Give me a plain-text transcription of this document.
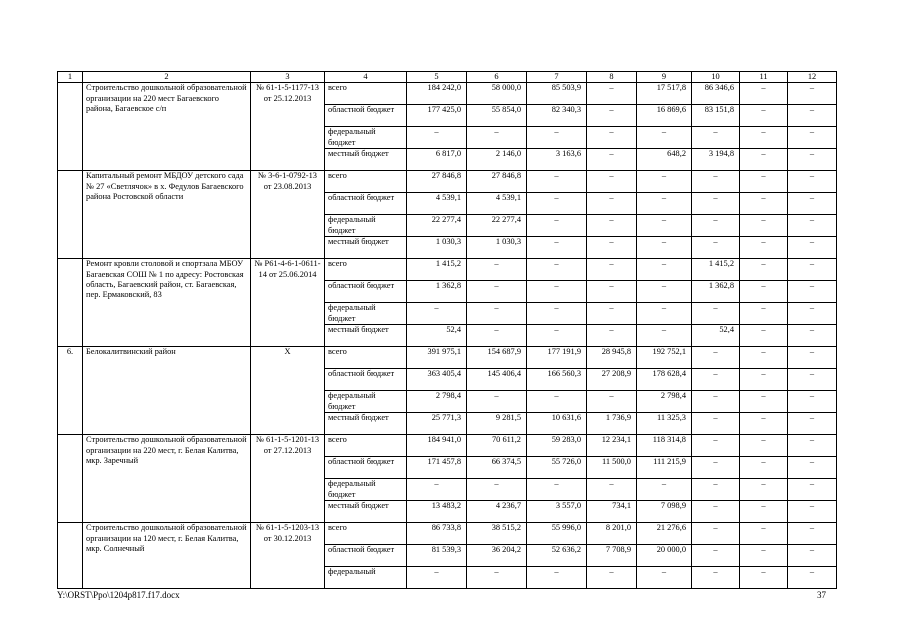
1	2	3	4	5	6	7	8	9	10	11	12
	Строительство дошкольной образовательной организации на 220 мест Багаевского района, Багаевское с/п	№ 61-1-5-1177-13 от 25.12.2013	всего	184 242,0	58 000,0	85 503,9	–	17 517,8	86 346,6	–	–
			областной бюджет	177 425,0	55 854,0	82 340,3	–	16 869,6	83 151,8	–	–
			федеральный бюджет	–	–	–	–	–	–	–	–
			местный бюджет	6 817,0	2 146,0	3 163,6	–	648,2	3 194,8	–	–
	Капитальный ремонт МБДОУ детского сада № 27 «Светлячок» в х. Федулов Багаевского района Ростовской области	№ 3-6-1-0792-13 от 23.08.2013	всего	27 846,8	27 846,8	–	–	–	–	–	–
			областной бюджет	4 539,1	4 539,1	–	–	–	–	–	–
			федеральный бюджет	22 277,4	22 277,4	–	–	–	–	–	–
			местный бюджет	1 030,3	1 030,3	–	–	–	–	–	–
	Ремонт кровли столовой и спортзала МБОУ Багаевская СОШ № 1 по адресу: Ростовская область, Багаевский район, ст. Багаевская, пер. Ермаковский, 83	№ Р61-4-6-1-0611-14 от 25.06.2014	всего	1 415,2	–	–	–	–	1 415,2	–	–
			областной бюджет	1 362,8	–	–	–	–	1 362,8	–	–
			федеральный бюджет	–	–	–	–	–	–	–	–
			местный бюджет	52,4	–	–	–	–	52,4	–	–
6.	Белокалитвинский район	Х	всего	391 975,1	154 687,9	177 191,9	28 945,8	192 752,1	–	–	–
			областной бюджет	363 405,4	145 406,4	166 560,3	27 208,9	178 628,4	–	–	–
			федеральный бюджет	2 798,4	–	–	–	2 798,4	–	–	–
			местный бюджет	25 771,3	9 281,5	10 631,6	1 736,9	11 325,3	–	–	–
	Строительство дошкольной образовательной организации на 220 мест, г. Белая Калитва, мкр. Заречный	№ 61-1-5-1201-13 от 27.12.2013	всего	184 941,0	70 611,2	59 283,0	12 234,1	118 314,8	–	–	–
			областной бюджет	171 457,8	66 374,5	55 726,0	11 500,0	111 215,9	–	–	–
			федеральный бюджет	–	–	–	–	–	–	–	–
			местный бюджет	13 483,2	4 236,7	3 557,0	734,1	7 098,9	–	–	–
	Строительство дошкольной образовательной организации на 120 мест, г. Белая Калитва, мкр. Солнечный	№ 61-1-5-1203-13 от 30.12.2013	всего	86 733,8	38 515,2	55 996,0	8 201,0	21 276,6	–	–	–
			областной бюджет	81 539,3	36 204,2	52 636,2	7 708,9	20 000,0	–	–	–
			федеральный	–	–	–	–	–	–	–	–
Y:\ORST\Ppo\1204p817.f17.docx	37
